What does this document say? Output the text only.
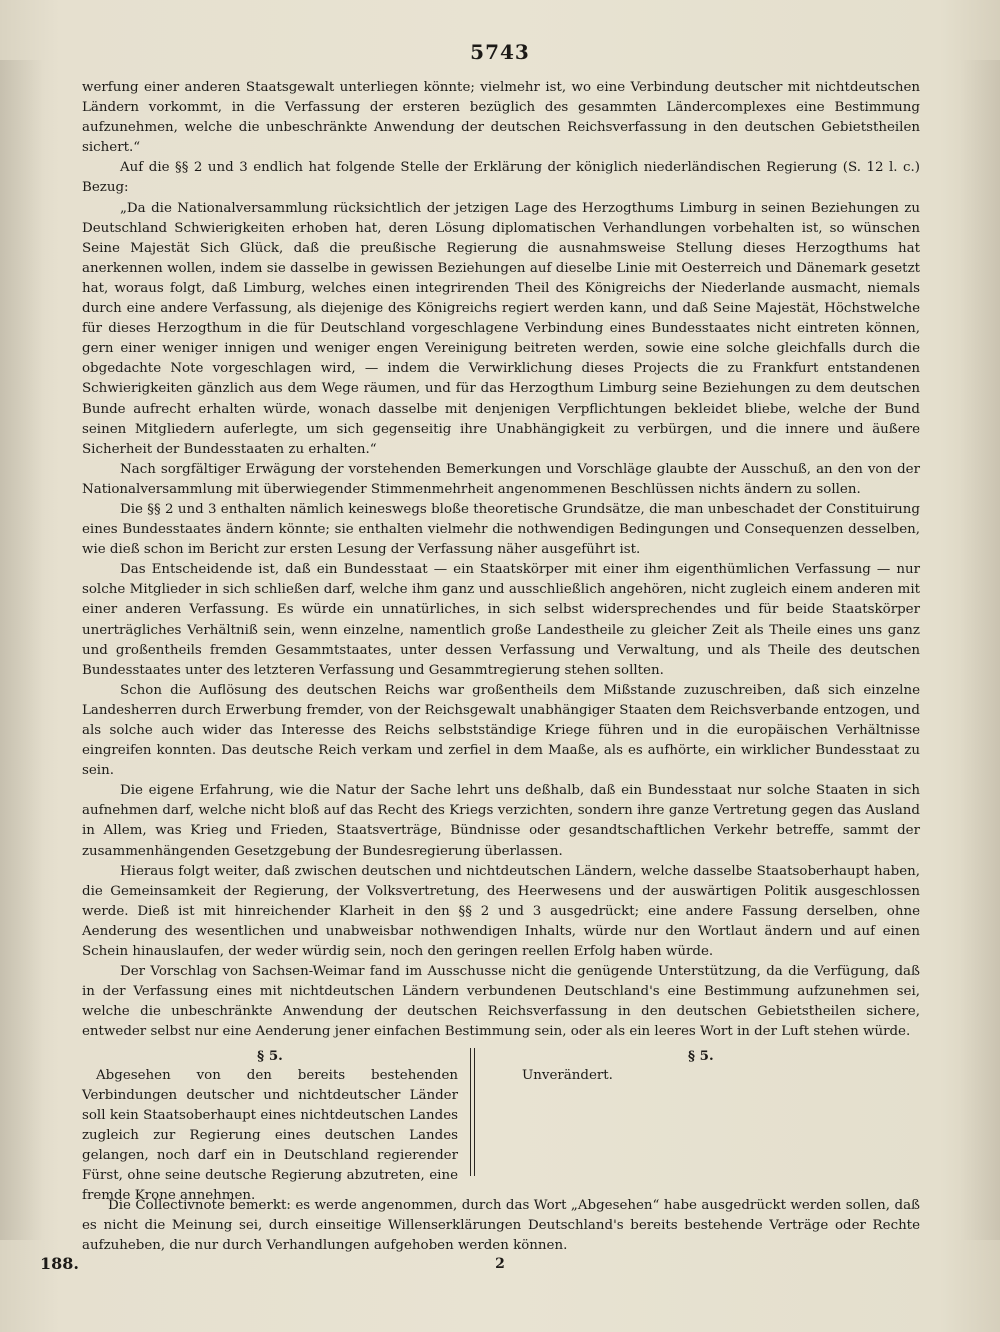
5743

werfung einer anderen Staatsgewalt unterliegen könnte; vielmehr ist, wo eine Verbindung deutscher mit nichtdeutschen Ländern vorkommt, in die Verfassung der ersteren bezüglich des gesammten Ländercomplexes eine Bestimmung aufzunehmen, welche die unbeschränkte Anwendung der deutschen Reichsverfassung in den deutschen Gebietstheilen sichert.“

Auf die §§ 2 und 3 endlich hat folgende Stelle der Erklärung der königlich niederländischen Regierung (S. 12 l. c.) Bezug:

„Da die Nationalversammlung rücksichtlich der jetzigen Lage des Herzogthums Limburg in seinen Beziehungen zu Deutschland Schwierigkeiten erhoben hat, deren Lösung diplomatischen Verhandlungen vorbehalten ist, so wünschen Seine Majestät Sich Glück, daß die preußische Regierung die ausnahmsweise Stellung dieses Herzogthums hat anerkennen wollen, indem sie dasselbe in gewissen Beziehungen auf dieselbe Linie mit Oesterreich und Dänemark gesetzt hat, woraus folgt, daß Limburg, welches einen integrirenden Theil des Königreichs der Niederlande ausmacht, niemals durch eine andere Verfassung, als diejenige des Königreichs regiert werden kann, und daß Seine Majestät, Höchstwelche für dieses Herzogthum in die für Deutschland vorgeschlagene Verbindung eines Bundesstaates nicht eintreten können, gern einer weniger innigen und weniger engen Vereinigung beitreten werden, sowie eine solche gleichfalls durch die obgedachte Note vorgeschlagen wird, — indem die Verwirklichung dieses Projects die zu Frankfurt entstandenen Schwierigkeiten gänzlich aus dem Wege räumen, und für das Herzogthum Limburg seine Beziehungen zu dem deutschen Bunde aufrecht erhalten würde, wonach dasselbe mit denjenigen Verpflichtungen bekleidet bliebe, welche der Bund seinen Mitgliedern auferlegte, um sich gegenseitig ihre Unabhängigkeit zu verbürgen, und die innere und äußere Sicherheit der Bundesstaaten zu erhalten.“

Nach sorgfältiger Erwägung der vorstehenden Bemerkungen und Vorschläge glaubte der Ausschuß, an den von der Nationalversammlung mit überwiegender Stimmenmehrheit angenommenen Beschlüssen nichts ändern zu sollen.

Die §§ 2 und 3 enthalten nämlich keineswegs bloße theoretische Grundsätze, die man unbeschadet der Constituirung eines Bundesstaates ändern könnte; sie enthalten vielmehr die nothwendigen Bedingungen und Consequenzen desselben, wie dieß schon im Bericht zur ersten Lesung der Verfassung näher ausgeführt ist.

Das Entscheidende ist, daß ein Bundesstaat — ein Staatskörper mit einer ihm eigenthümlichen Verfassung — nur solche Mitglieder in sich schließen darf, welche ihm ganz und ausschließlich angehören, nicht zugleich einem anderen mit einer anderen Verfassung. Es würde ein unnatürliches, in sich selbst widersprechendes und für beide Staatskörper unerträgliches Verhältniß sein, wenn einzelne, namentlich große Landestheile zu gleicher Zeit als Theile eines uns ganz und großentheils fremden Gesammtstaates, unter dessen Verfassung und Verwaltung, und als Theile des deutschen Bundesstaates unter des letzteren Verfassung und Gesammtregierung stehen sollten.

Schon die Auflösung des deutschen Reichs war großentheils dem Mißstande zuzuschreiben, daß sich einzelne Landesherren durch Erwerbung fremder, von der Reichsgewalt unabhängiger Staaten dem Reichsverbande entzogen, und als solche auch wider das Interesse des Reichs selbstständige Kriege führen und in die europäischen Verhältnisse eingreifen konnten. Das deutsche Reich verkam und zerfiel in dem Maaße, als es aufhörte, ein wirklicher Bundesstaat zu sein.

Die eigene Erfahrung, wie die Natur der Sache lehrt uns deßhalb, daß ein Bundesstaat nur solche Staaten in sich aufnehmen darf, welche nicht bloß auf das Recht des Kriegs verzichten, sondern ihre ganze Vertretung gegen das Ausland in Allem, was Krieg und Frieden, Staatsverträge, Bündnisse oder gesandtschaftlichen Verkehr betreffe, sammt der zusammenhängenden Gesetzgebung der Bundesregierung überlassen.

Hieraus folgt weiter, daß zwischen deutschen und nichtdeutschen Ländern, welche dasselbe Staatsoberhaupt haben, die Gemeinsamkeit der Regierung, der Volksvertretung, des Heerwesens und der auswärtigen Politik ausgeschlossen werde. Dieß ist mit hinreichender Klarheit in den §§ 2 und 3 ausgedrückt; eine andere Fassung derselben, ohne Aenderung des wesentlichen und unabweisbar nothwendigen Inhalts, würde nur den Wortlaut ändern und auf einen Schein hinauslaufen, der weder würdig sein, noch den geringen reellen Erfolg haben würde.

Der Vorschlag von Sachsen-Weimar fand im Ausschusse nicht die genügende Unterstützung, da die Verfügung, daß in der Verfassung eines mit nichtdeutschen Ländern verbundenen Deutschland's eine Bestimmung aufzunehmen sei, welche die unbeschränkte Anwendung der deutschen Reichsverfassung in den deutschen Gebietstheilen sichere, entweder selbst nur eine Aenderung jener einfachen Bestimmung sein, oder als ein leeres Wort in der Luft stehen würde.

§ 5.

Abgesehen von den bereits bestehenden Verbindungen deutscher und nichtdeutscher Länder soll kein Staatsoberhaupt eines nichtdeutschen Landes zugleich zur Regierung eines deutschen Landes gelangen, noch darf ein in Deutschland regierender Fürst, ohne seine deutsche Regierung abzutreten, eine fremde Krone annehmen.

§ 5.

Unverändert.

Die Collectivnote bemerkt: es werde angenommen, durch das Wort „Abgesehen“ habe ausgedrückt werden sollen, daß es nicht die Meinung sei, durch einseitige Willenserklärungen Deutschland's bereits bestehende Verträge oder Rechte aufzuheben, die nur durch Verhandlungen aufgehoben werden können.

188.	2
